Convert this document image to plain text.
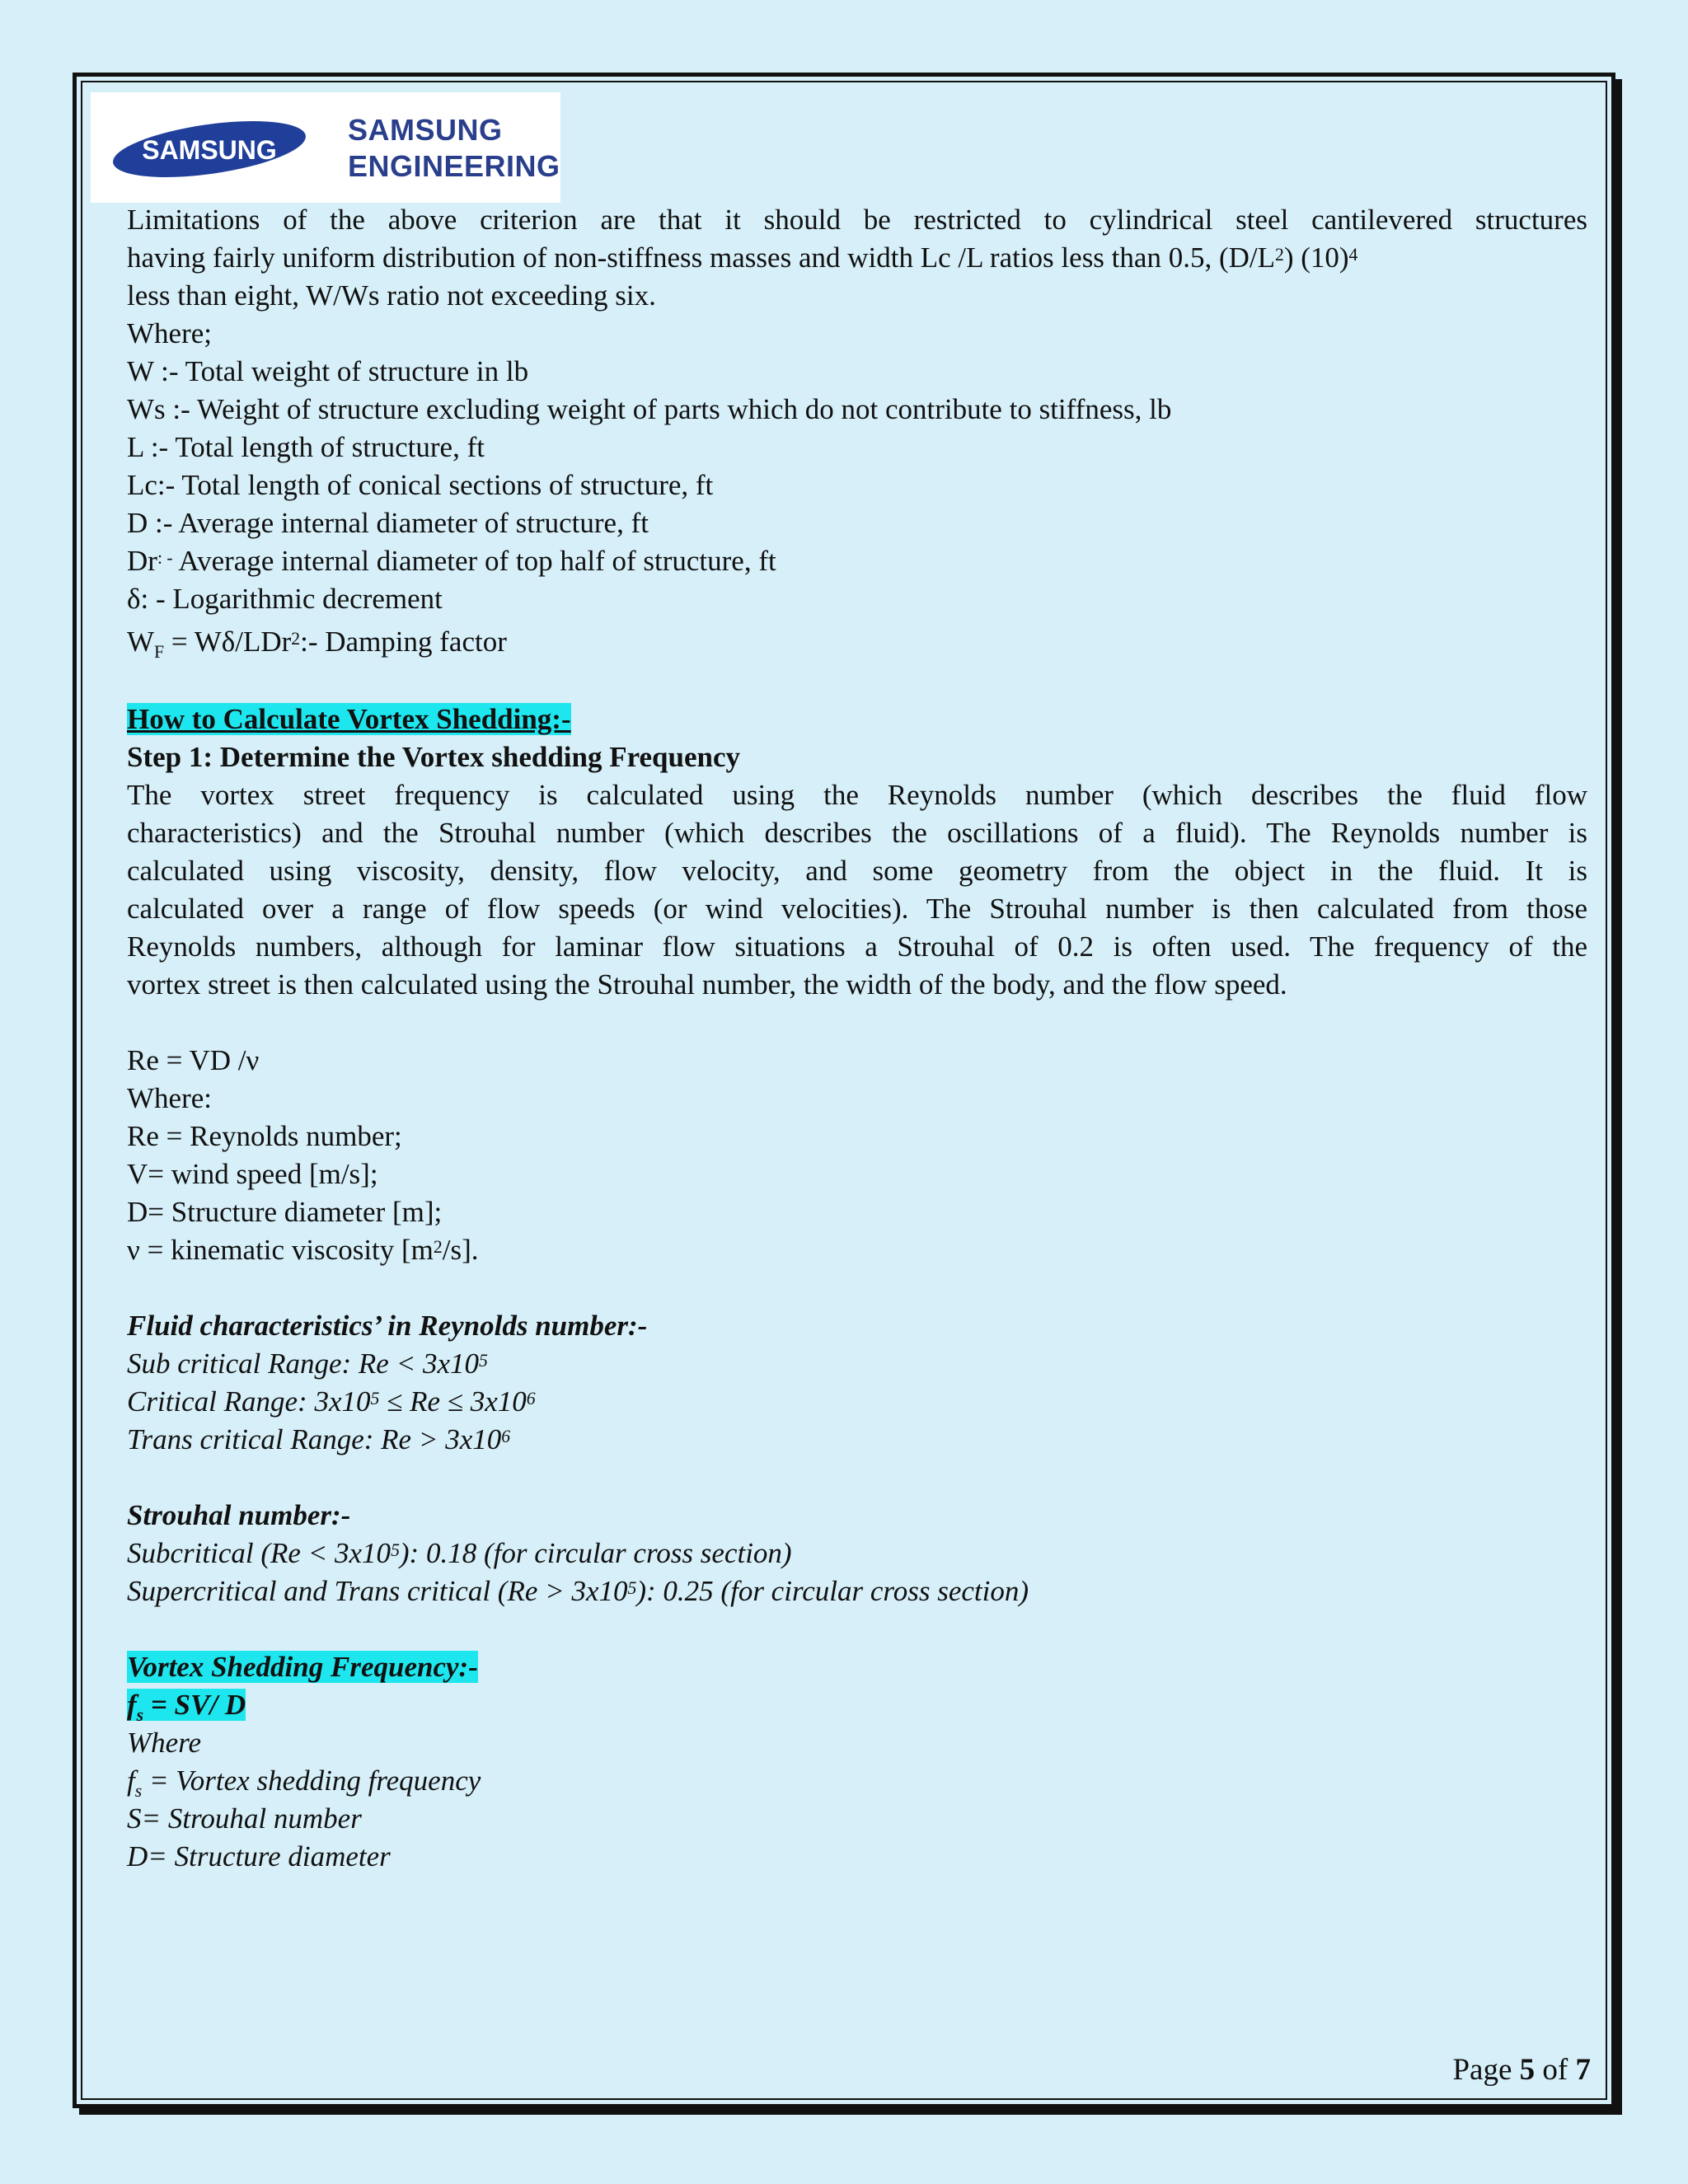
SAMSUNG
SAMSUNG
ENGINEERING
Limitations of the above criterion are that it should be restricted to cylindrical steel cantilevered structures
having fairly uniform distribution of non-stiffness masses and width Lc /L ratios less than 0.5, $(D/L^2)$ $(10)^4$
less than eight, W/Ws ratio not exceeding six.
Where;
W :- Total weight of structure in lb
Ws :- Weight of structure excluding weight of parts which do not contribute to stiffness, lb
L :- Total length of structure, ft
Lc:- Total length of conical sections of structure, ft
D :- Average internal diameter of structure, ft
Dr: - Average internal diameter of top half of structure, ft
δ: - Logarithmic decrement
$W_F$ = Wδ/LDr$^2$:- Damping factor
How to Calculate Vortex Shedding:-
Step 1: Determine the Vortex shedding Frequency
The vortex street frequency is calculated using the Reynolds number (which describes the fluid flow
characteristics) and the Strouhal number (which describes the oscillations of a fluid). The Reynolds number is
calculated using viscosity, density, flow velocity, and some geometry from the object in the fluid. It is
calculated over a range of flow speeds (or wind velocities). The Strouhal number is then calculated from those
Reynolds numbers, although for laminar flow situations a Strouhal of 0.2 is often used. The frequency of the
vortex street is then calculated using the Strouhal number, the width of the body, and the flow speed.
Re = VD /ν
Where:
Re = Reynolds number;
V= wind speed [m/s];
D= Structure diameter [m];
ν = kinematic viscosity $[m^2/s]$.
Fluid characteristics’ in Reynolds number:-
Sub critical Range: $Re < 3x10^5$
Critical Range: $3x10^5 \le Re \le 3x10^6$
Trans critical Range: $Re > 3x10^6$
Strouhal number:-
Subcritical $(Re < 3x10^5)$: 0.18 (for circular cross section)
Supercritical and Trans critical $(Re > 3x10^5)$: 0.25 (for circular cross section)
Vortex Shedding Frequency:-
$f_s = SV/$ D
Where
$f_s$ = Vortex shedding frequency
S= Strouhal number
D= Structure diameter
Page 5 of 7
